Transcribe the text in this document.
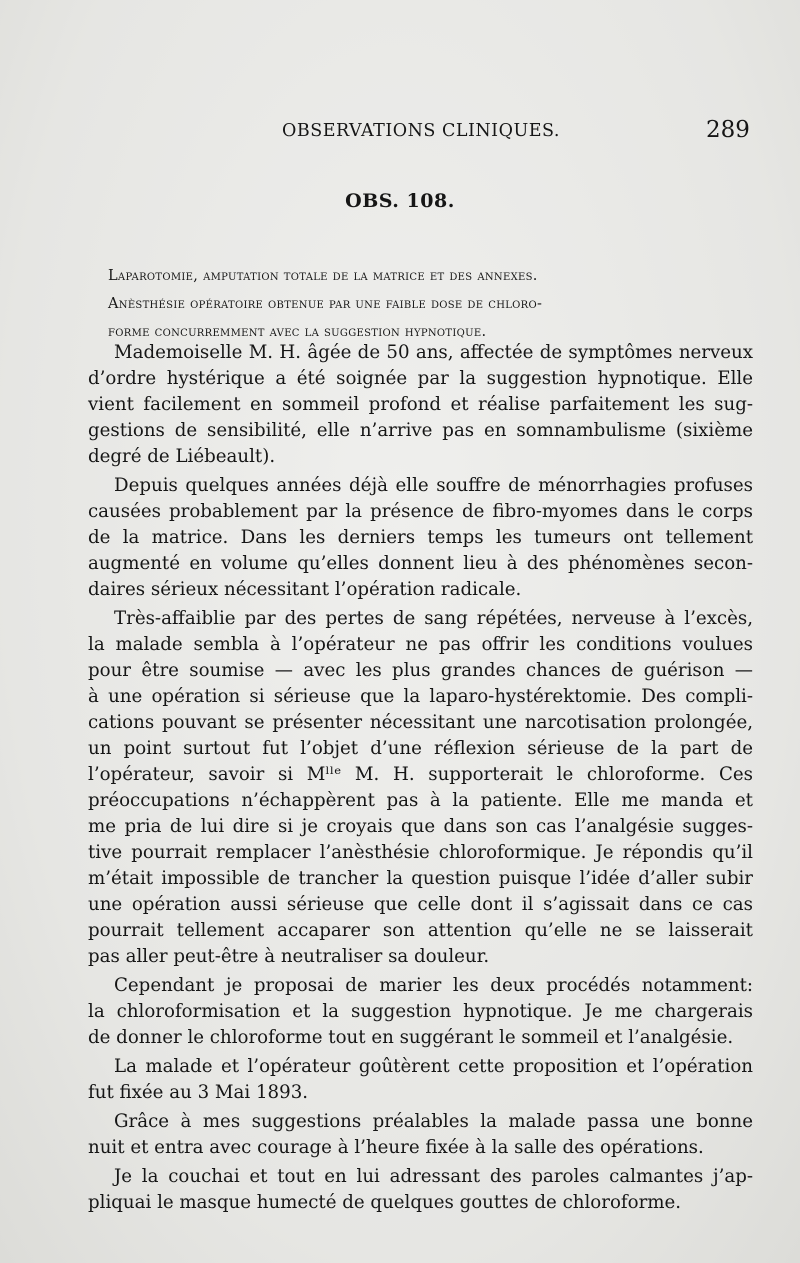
OBSERVATIONS CLINIQUES.	289
OBS. 108.
Laparotomie, amputation totale de la matrice et des annexes.
Anèsthésie opératoire obtenue par une faible dose de chloro-
forme concurremment avec la suggestion hypnotique.

Mademoiselle M. H. âgée de 50 ans, affectée de symptômes nerveux
d’ordre hystérique a été soignée par la suggestion hypnotique. Elle
vient facilement en sommeil profond et réalise parfaitement les sug-
gestions de sensibilité, elle n’arrive pas en somnambulisme (sixième
degré de Liébeault).

Depuis quelques années déjà elle souffre de ménorrhagies profuses
causées probablement par la présence de fibro-myomes dans le corps
de la matrice. Dans les derniers temps les tumeurs ont tellement
augmenté en volume qu’elles donnent lieu à des phénomènes secon-
daires sérieux nécessitant l’opération radicale.

Très-affaiblie par des pertes de sang répétées, nerveuse à l’excès,
la malade sembla à l’opérateur ne pas offrir les conditions voulues
pour être soumise — avec les plus grandes chances de guérison —
à une opération si sérieuse que la laparo-hystérektomie. Des compli-
cations pouvant se présenter nécessitant une narcotisation prolongée,
un point surtout fut l’objet d’une réflexion sérieuse de la part de
l’opérateur, savoir si Mˡˡᵉ M. H. supporterait le chloroforme. Ces
préoccupations n’échappèrent pas à la patiente. Elle me manda et
me pria de lui dire si je croyais que dans son cas l’analgésie sugges-
tive pourrait remplacer l’anèsthésie chloroformique. Je répondis qu’il
m’était impossible de trancher la question puisque l’idée d’aller subir
une opération aussi sérieuse que celle dont il s’agissait dans ce cas
pourrait tellement accaparer son attention qu’elle ne se laisserait
pas aller peut-être à neutraliser sa douleur.

Cependant je proposai de marier les deux procédés notamment:
la chloroformisation et la suggestion hypnotique. Je me chargerais
de donner le chloroforme tout en suggérant le sommeil et l’analgésie.

La malade et l’opérateur goûtèrent cette proposition et l’opération
fut fixée au 3 Mai 1893.

Grâce à mes suggestions préalables la malade passa une bonne
nuit et entra avec courage à l’heure fixée à la salle des opérations.

Je la couchai et tout en lui adressant des paroles calmantes j’ap-
pliquai le masque humecté de quelques gouttes de chloroforme.
